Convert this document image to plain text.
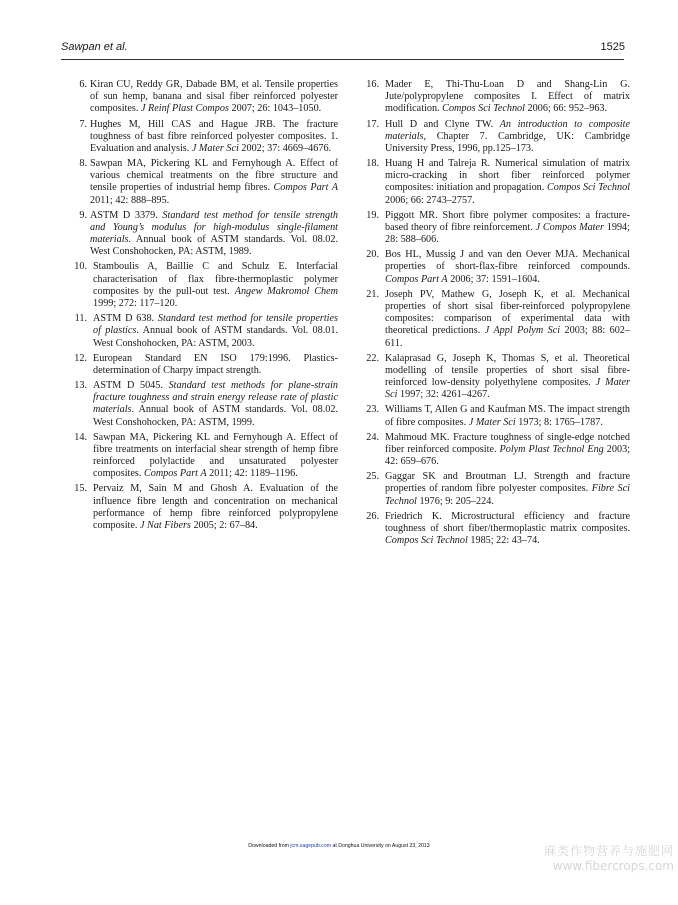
Sawpan et al.	1525
6. Kiran CU, Reddy GR, Dabade BM, et al. Tensile properties of sun hemp, banana and sisal fiber reinforced polyester composites. J Reinf Plast Compos 2007; 26: 1043–1050.
7. Hughes M, Hill CAS and Hague JRB. The fracture toughness of bast fibre reinforced polyester composites. 1. Evaluation and analysis. J Mater Sci 2002; 37: 4669–4676.
8. Sawpan MA, Pickering KL and Fernyhough A. Effect of various chemical treatments on the fibre structure and tensile properties of industrial hemp fibres. Compos Part A 2011; 42: 888–895.
9. ASTM D 3379. Standard test method for tensile strength and Young’s modulus for high-modulus single-filament materials. Annual book of ASTM standards. Vol. 08.02. West Conshohocken, PA: ASTM, 1989.
10. Stamboulis A, Baillie C and Schulz E. Interfacial characterisation of flax fibre-thermoplastic polymer composites by the pull-out test. Angew Makromol Chem 1999; 272: 117–120.
11. ASTM D 638. Standard test method for tensile properties of plastics. Annual book of ASTM standards. Vol. 08.01. West Conshohocken, PA: ASTM, 2003.
12. European Standard EN ISO 179:1996. Plastics-determination of Charpy impact strength.
13. ASTM D 5045. Standard test methods for plane-strain fracture toughness and strain energy release rate of plastic materials. Annual book of ASTM standards. Vol. 08.02. West Conshohocken, PA: ASTM, 1999.
14. Sawpan MA, Pickering KL and Fernyhough A. Effect of fibre treatments on interfacial shear strength of hemp fibre reinforced polylactide and unsaturated polyester composites. Compos Part A 2011; 42: 1189–1196.
15. Pervaiz M, Sain M and Ghosh A. Evaluation of the influence fibre length and concentration on mechanical performance of hemp fibre reinforced polypropylene composite. J Nat Fibers 2005; 2: 67–84.
16. Mader E, Thi-Thu-Loan D and Shang-Lin G. Jute/polypropylene composites I. Effect of matrix modification. Compos Sci Technol 2006; 66: 952–963.
17. Hull D and Clyne TW. An introduction to composite materials, Chapter 7. Cambridge, UK: Cambridge University Press, 1996, pp.125–173.
18. Huang H and Talreja R. Numerical simulation of matrix micro-cracking in short fiber reinforced polymer composites: initiation and propagation. Compos Sci Technol 2006; 66: 2743–2757.
19. Piggott MR. Short fibre polymer composites: a fracture-based theory of fibre reinforcement. J Compos Mater 1994; 28: 588–606.
20. Bos HL, Mussig J and van den Oever MJA. Mechanical properties of short-flax-fibre reinforced compounds. Compos Part A 2006; 37: 1591–1604.
21. Joseph PV, Mathew G, Joseph K, et al. Mechanical properties of short sisal fiber-reinforced polypropylene composites: comparison of experimental data with theoretical predictions. J Appl Polym Sci 2003; 88: 602–611.
22. Kalaprasad G, Joseph K, Thomas S, et al. Theoretical modelling of tensile properties of short sisal fibre-reinforced low-density polyethylene composites. J Mater Sci 1997; 32: 4261–4267.
23. Williams T, Allen G and Kaufman MS. The impact strength of fibre composites. J Mater Sci 1973; 8: 1765–1787.
24. Mahmoud MK. Fracture toughness of single-edge notched fiber reinforced composite. Polym Plast Technol Eng 2003; 42: 659–676.
25. Gaggar SK and Broutman LJ. Strength and fracture properties of random fibre polyester composites. Fibre Sci Technol 1976; 9: 205–224.
26. Friedrich K. Microstructural efficiency and fracture toughness of short fiber/thermoplastic matrix composites. Compos Sci Technol 1985; 22: 43–74.
Downloaded from jcm.sagepub.com at Donghua University on August 23, 2013	麻类作物营养与施肥网
www.fibercrops.com
